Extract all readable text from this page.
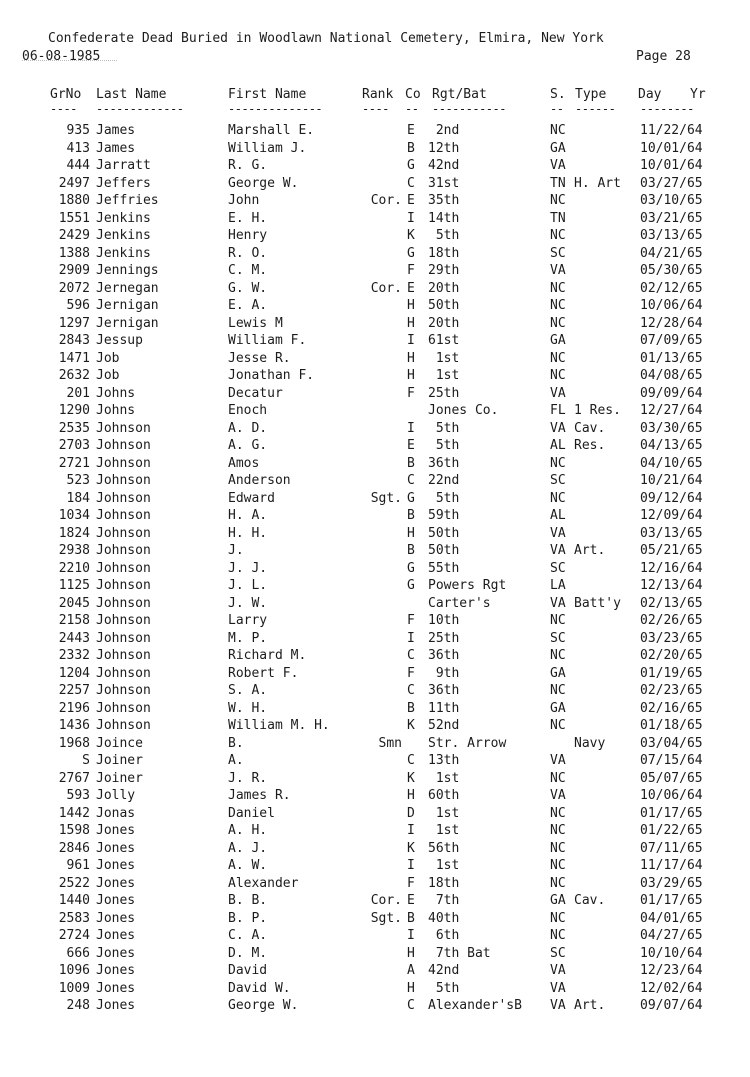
Confederate Dead Buried in Woodlawn National Cemetery, Elmira, New York
06-08-1985	Page 28
GrNo Last Name	First Name	Rank Co Rgt/Bat	S. Type Day Yr
---- -------------	--------------	---- -- -----------	-- ------ --------
935 James	Marshall E.	E 2nd	NC	11/22/64
413 James	William J.	B 12th	GA	10/01/64
444 Jarratt	R. G.	G 42nd	VA	10/01/64
2497 Jeffers	George W.	C 31st	TN H. Art 03/27/65
1880 Jeffries	John	Cor. E 35th	NC	03/10/65
1551 Jenkins	E. H.	I 14th	TN	03/21/65
2429 Jenkins	Henry	K 5th	NC	03/13/65
1388 Jenkins	R. O.	G 18th	SC	04/21/65
2909 Jennings	C. M.	F 29th	VA	05/30/65
2072 Jernegan	G. W.	Cor. E 20th	NC	02/12/65
596 Jernigan	E. A.	H 50th	NC	10/06/64
1297 Jernigan	Lewis M	H 20th	NC	12/28/64
2843 Jessup	William F.	I 61st	GA	07/09/65
1471 Job	Jesse R.	H 1st	NC	01/13/65
2632 Job	Jonathan F.	H 1st	NC	04/08/65
201 Johns	Decatur	F 25th	VA	09/09/64
1290 Johns	Enoch	Jones Co.	FL 1 Res. 12/27/64
2535 Johnson	A. D.	I 5th	VA Cav.	03/30/65
2703 Johnson	A. G.	E 5th	AL Res.	04/13/65
2721 Johnson	Amos	B 36th	NC	04/10/65
523 Johnson	Anderson	C 22nd	SC	10/21/64
184 Johnson	Edward	Sgt. G 5th	NC	09/12/64
1034 Johnson	H. A.	B 59th	AL	12/09/64
1824 Johnson	H. H.	H 50th	VA	03/13/65
2938 Johnson	J.	B 50th	VA Art.	05/21/65
2210 Johnson	J. J.	G 55th	SC	12/16/64
1125 Johnson	J. L.	G Powers Rgt	LA	12/13/64
2045 Johnson	J. W.	Carter's	VA Batt'y 02/13/65
2158 Johnson	Larry	F 10th	NC	02/26/65
2443 Johnson	M. P.	I 25th	SC	03/23/65
2332 Johnson	Richard M.	C 36th	NC	02/20/65
1204 Johnson	Robert F.	F 9th	GA	01/19/65
2257 Johnson	S. A.	C 36th	NC	02/23/65
2196 Johnson	W. H.	B 11th	GA	02/16/65
1436 Johnson	William M. H.	K 52nd	NC	01/18/65
1968 Joince	B.	Smn Str. Arrow	Navy	03/04/65
S Joiner	A.	C 13th	VA	07/15/64
2767 Joiner	J. R.	K 1st	NC	05/07/65
593 Jolly	James R.	H 60th	VA	10/06/64
1442 Jonas	Daniel	D 1st	NC	01/17/65
1598 Jones	A. H.	I 1st	NC	01/22/65
2846 Jones	A. J.	K 56th	NC	07/11/65
961 Jones	A. W.	I 1st	NC	11/17/64
2522 Jones	Alexander	F 18th	NC	03/29/65
1440 Jones	B. B.	Cor. E 7th	GA Cav.	01/17/65
2583 Jones	B. P.	Sgt. B 40th	NC	04/01/65
2724 Jones	C. A.	I 6th	NC	04/27/65
666 Jones	D. M.	H 7th Bat	SC	10/10/64
1096 Jones	David	A 42nd	VA	12/23/64
1009 Jones	David W.	H 5th	VA	12/02/64
248 Jones	George W.	C Alexander'sB VA Art.	09/07/64
